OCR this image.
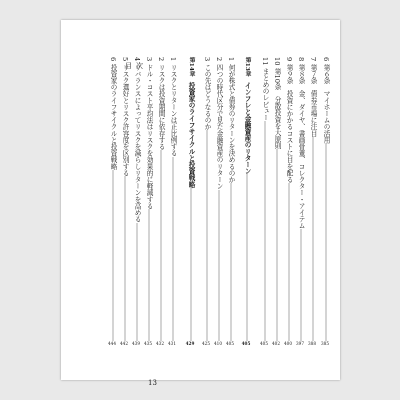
目次
13
6
第６条　マイホームの活用
385
7
第７条　債券市場に注目
388
8
第８条　金、ダイヤ、書画骨董、コレクター・アイテム
397
9
第９条　投資にかかるコストに目を配る
400
10
第10条　分散投資を大原則
402
11
まとめのレビュー
405
第13章
インフレと金融資産のリターン
405
1
何が株式と債券のリターンを決めるのか
405
2
四つの時代区分で見た金融資産のリターン
410
3
この先はどうなるのか
425
第14章
投資家のライフサイクルと投資戦略
429
1
リスクとリターンは正比例する
431
2
リスクは投資期間に依存する
432
3
ドル・コスト平均法はリスクを効果的に軽減する
435
4
リバランスによってリスクを減らしリターンを高める
439
5
リスク選好とリスク許容度を区別する
442
6
投資家のライフサイクルと投資戦略
444
